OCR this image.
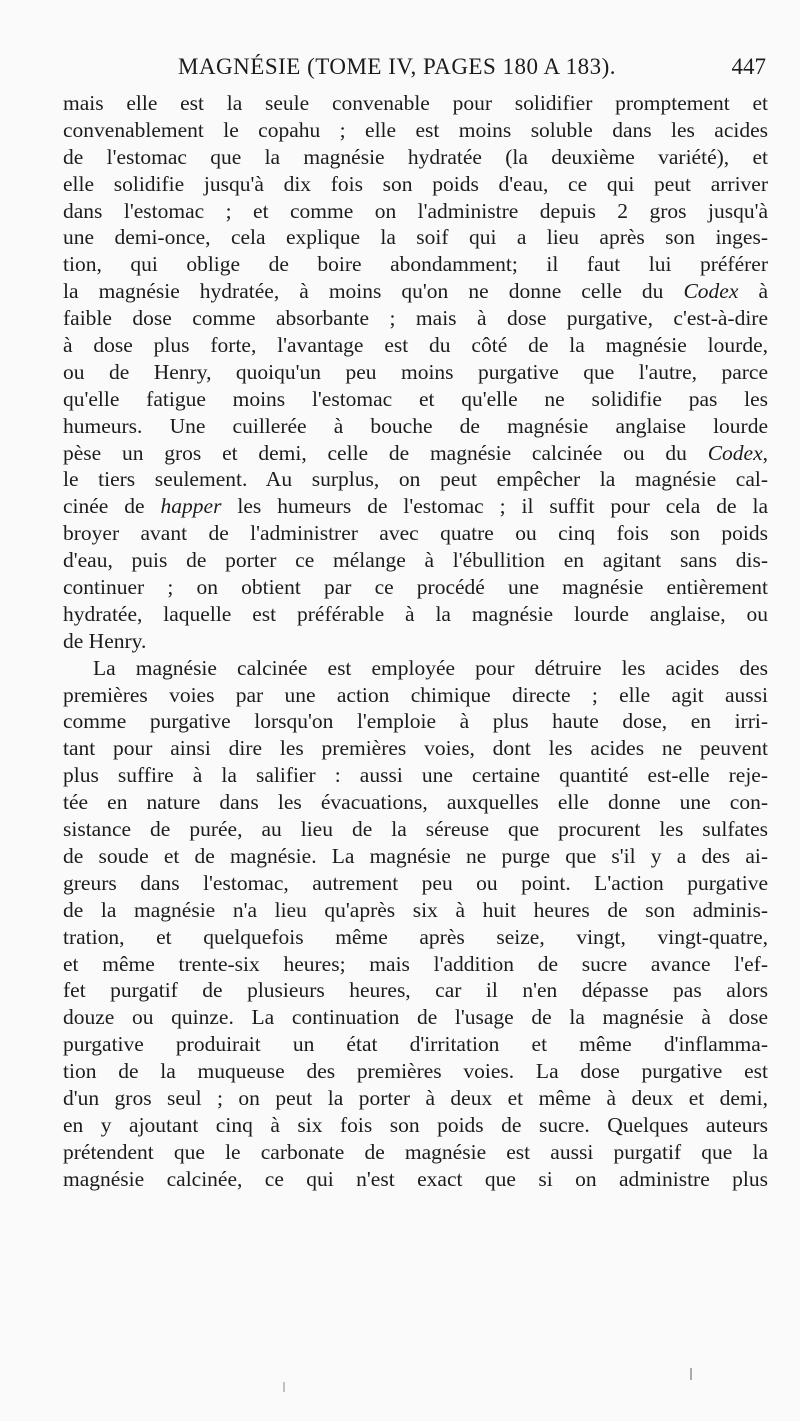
MAGNÉSIE (TOME IV, PAGES 180 A 183).	447
mais elle est la seule convenable pour solidifier promptement et
convenablement le copahu ; elle est moins soluble dans les acides
de l'estomac que la magnésie hydratée (la deuxième variété), et
elle solidifie jusqu'à dix fois son poids d'eau, ce qui peut arriver
dans l'estomac ; et comme on l'administre depuis 2 gros jusqu'à
une demi-once, cela explique la soif qui a lieu après son inges-
tion, qui oblige de boire abondamment; il faut lui préférer
la magnésie hydratée, à moins qu'on ne donne celle du Codex à
faible dose comme absorbante ; mais à dose purgative, c'est-à-dire
à dose plus forte, l'avantage est du côté de la magnésie lourde,
ou de Henry, quoiqu'un peu moins purgative que l'autre, parce
qu'elle fatigue moins l'estomac et qu'elle ne solidifie pas les
humeurs. Une cuillerée à bouche de magnésie anglaise lourde
pèse un gros et demi, celle de magnésie calcinée ou du Codex,
le tiers seulement. Au surplus, on peut empêcher la magnésie cal-
cinée de happer les humeurs de l'estomac ; il suffit pour cela de la
broyer avant de l'administrer avec quatre ou cinq fois son poids
d'eau, puis de porter ce mélange à l'ébullition en agitant sans dis-
continuer ; on obtient par ce procédé une magnésie entièrement
hydratée, laquelle est préférable à la magnésie lourde anglaise, ou
de Henry.
La magnésie calcinée est employée pour détruire les acides des
premières voies par une action chimique directe ; elle agit aussi
comme purgative lorsqu'on l'emploie à plus haute dose, en irri-
tant pour ainsi dire les premières voies, dont les acides ne peuvent
plus suffire à la salifier : aussi une certaine quantité est-elle reje-
tée en nature dans les évacuations, auxquelles elle donne une con-
sistance de purée, au lieu de la séreuse que procurent les sulfates
de soude et de magnésie. La magnésie ne purge que s'il y a des ai-
greurs dans l'estomac, autrement peu ou point. L'action purgative
de la magnésie n'a lieu qu'après six à huit heures de son adminis-
tration, et quelquefois même après seize, vingt, vingt-quatre,
et même trente-six heures; mais l'addition de sucre avance l'ef-
fet purgatif de plusieurs heures, car il n'en dépasse pas alors
douze ou quinze. La continuation de l'usage de la magnésie à dose
purgative produirait un état d'irritation et même d'inflamma-
tion de la muqueuse des premières voies. La dose purgative est
d'un gros seul ; on peut la porter à deux et même à deux et demi,
en y ajoutant cinq à six fois son poids de sucre. Quelques auteurs
prétendent que le carbonate de magnésie est aussi purgatif que la
magnésie calcinée, ce qui n'est exact que si on administre plus
